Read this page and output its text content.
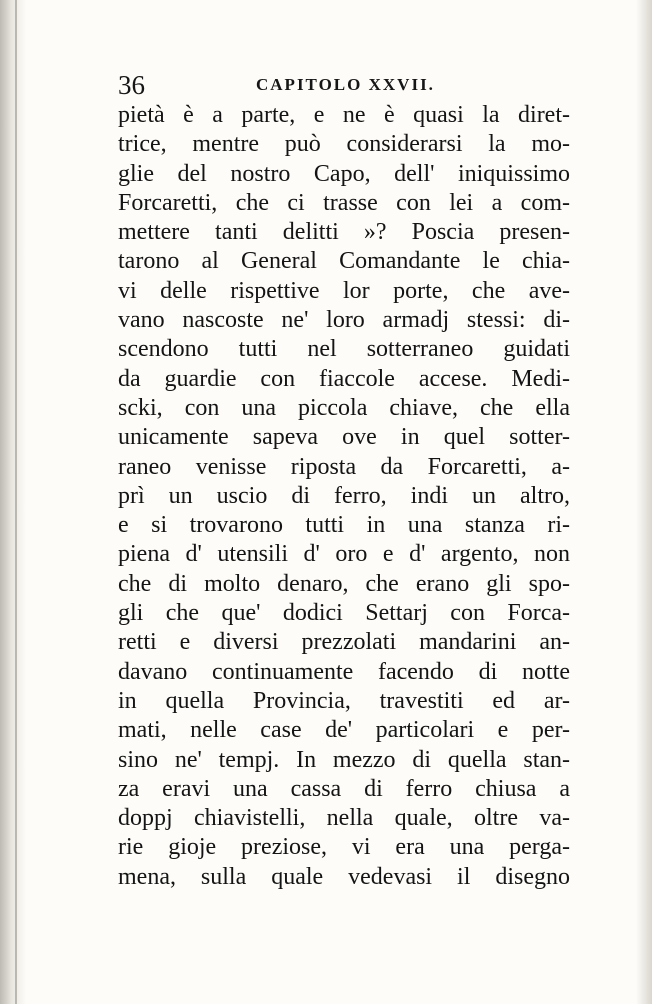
36	CAPITOLO XXVII.
pietà è a parte, e ne è quasi la diret-
trice, mentre può considerarsi la mo-
glie del nostro Capo, dell' iniquissimo
Forcaretti, che ci trasse con lei a com-
mettere tanti delitti »? Poscia presen-
tarono al General Comandante le chia-
vi delle rispettive lor porte, che ave-
vano nascoste ne' loro armadj stessi: di-
scendono tutti nel sotterraneo guidati
da guardie con fiaccole accese. Medi-
scki, con una piccola chiave, che ella
unicamente sapeva ove in quel sotter-
raneo venisse riposta da Forcaretti, a-
prì un uscio di ferro, indi un altro,
e si trovarono tutti in una stanza ri-
piena d' utensili d' oro e d' argento, non
che di molto denaro, che erano gli spo-
gli che que' dodici Settarj con Forca-
retti e diversi prezzolati mandarini an-
davano continuamente facendo di notte
in quella Provincia, travestiti ed ar-
mati, nelle case de' particolari e per-
sino ne' tempj. In mezzo di quella stan-
za eravi una cassa di ferro chiusa a
doppj chiavistelli, nella quale, oltre va-
rie gioje preziose, vi era una perga-
mena, sulla quale vedevasi il disegno
